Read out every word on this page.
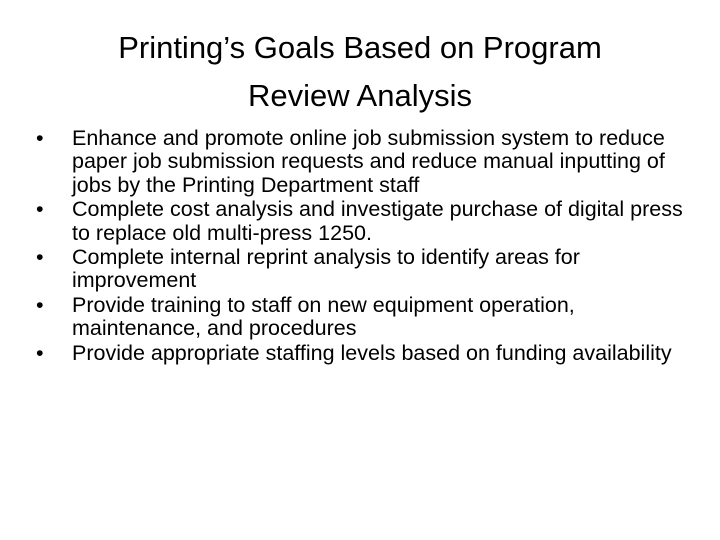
Printing’s Goals Based on Program
Review Analysis
•	Enhance and promote online job submission system to reduce paper job submission requests and reduce manual inputting of jobs by the Printing Department staff
•	Complete cost analysis and investigate purchase of digital press to replace old multi-press 1250.
•	Complete internal reprint analysis to identify areas for improvement
•	Provide training to staff on new equipment operation, maintenance, and procedures
•	Provide appropriate staffing levels based on funding availability
